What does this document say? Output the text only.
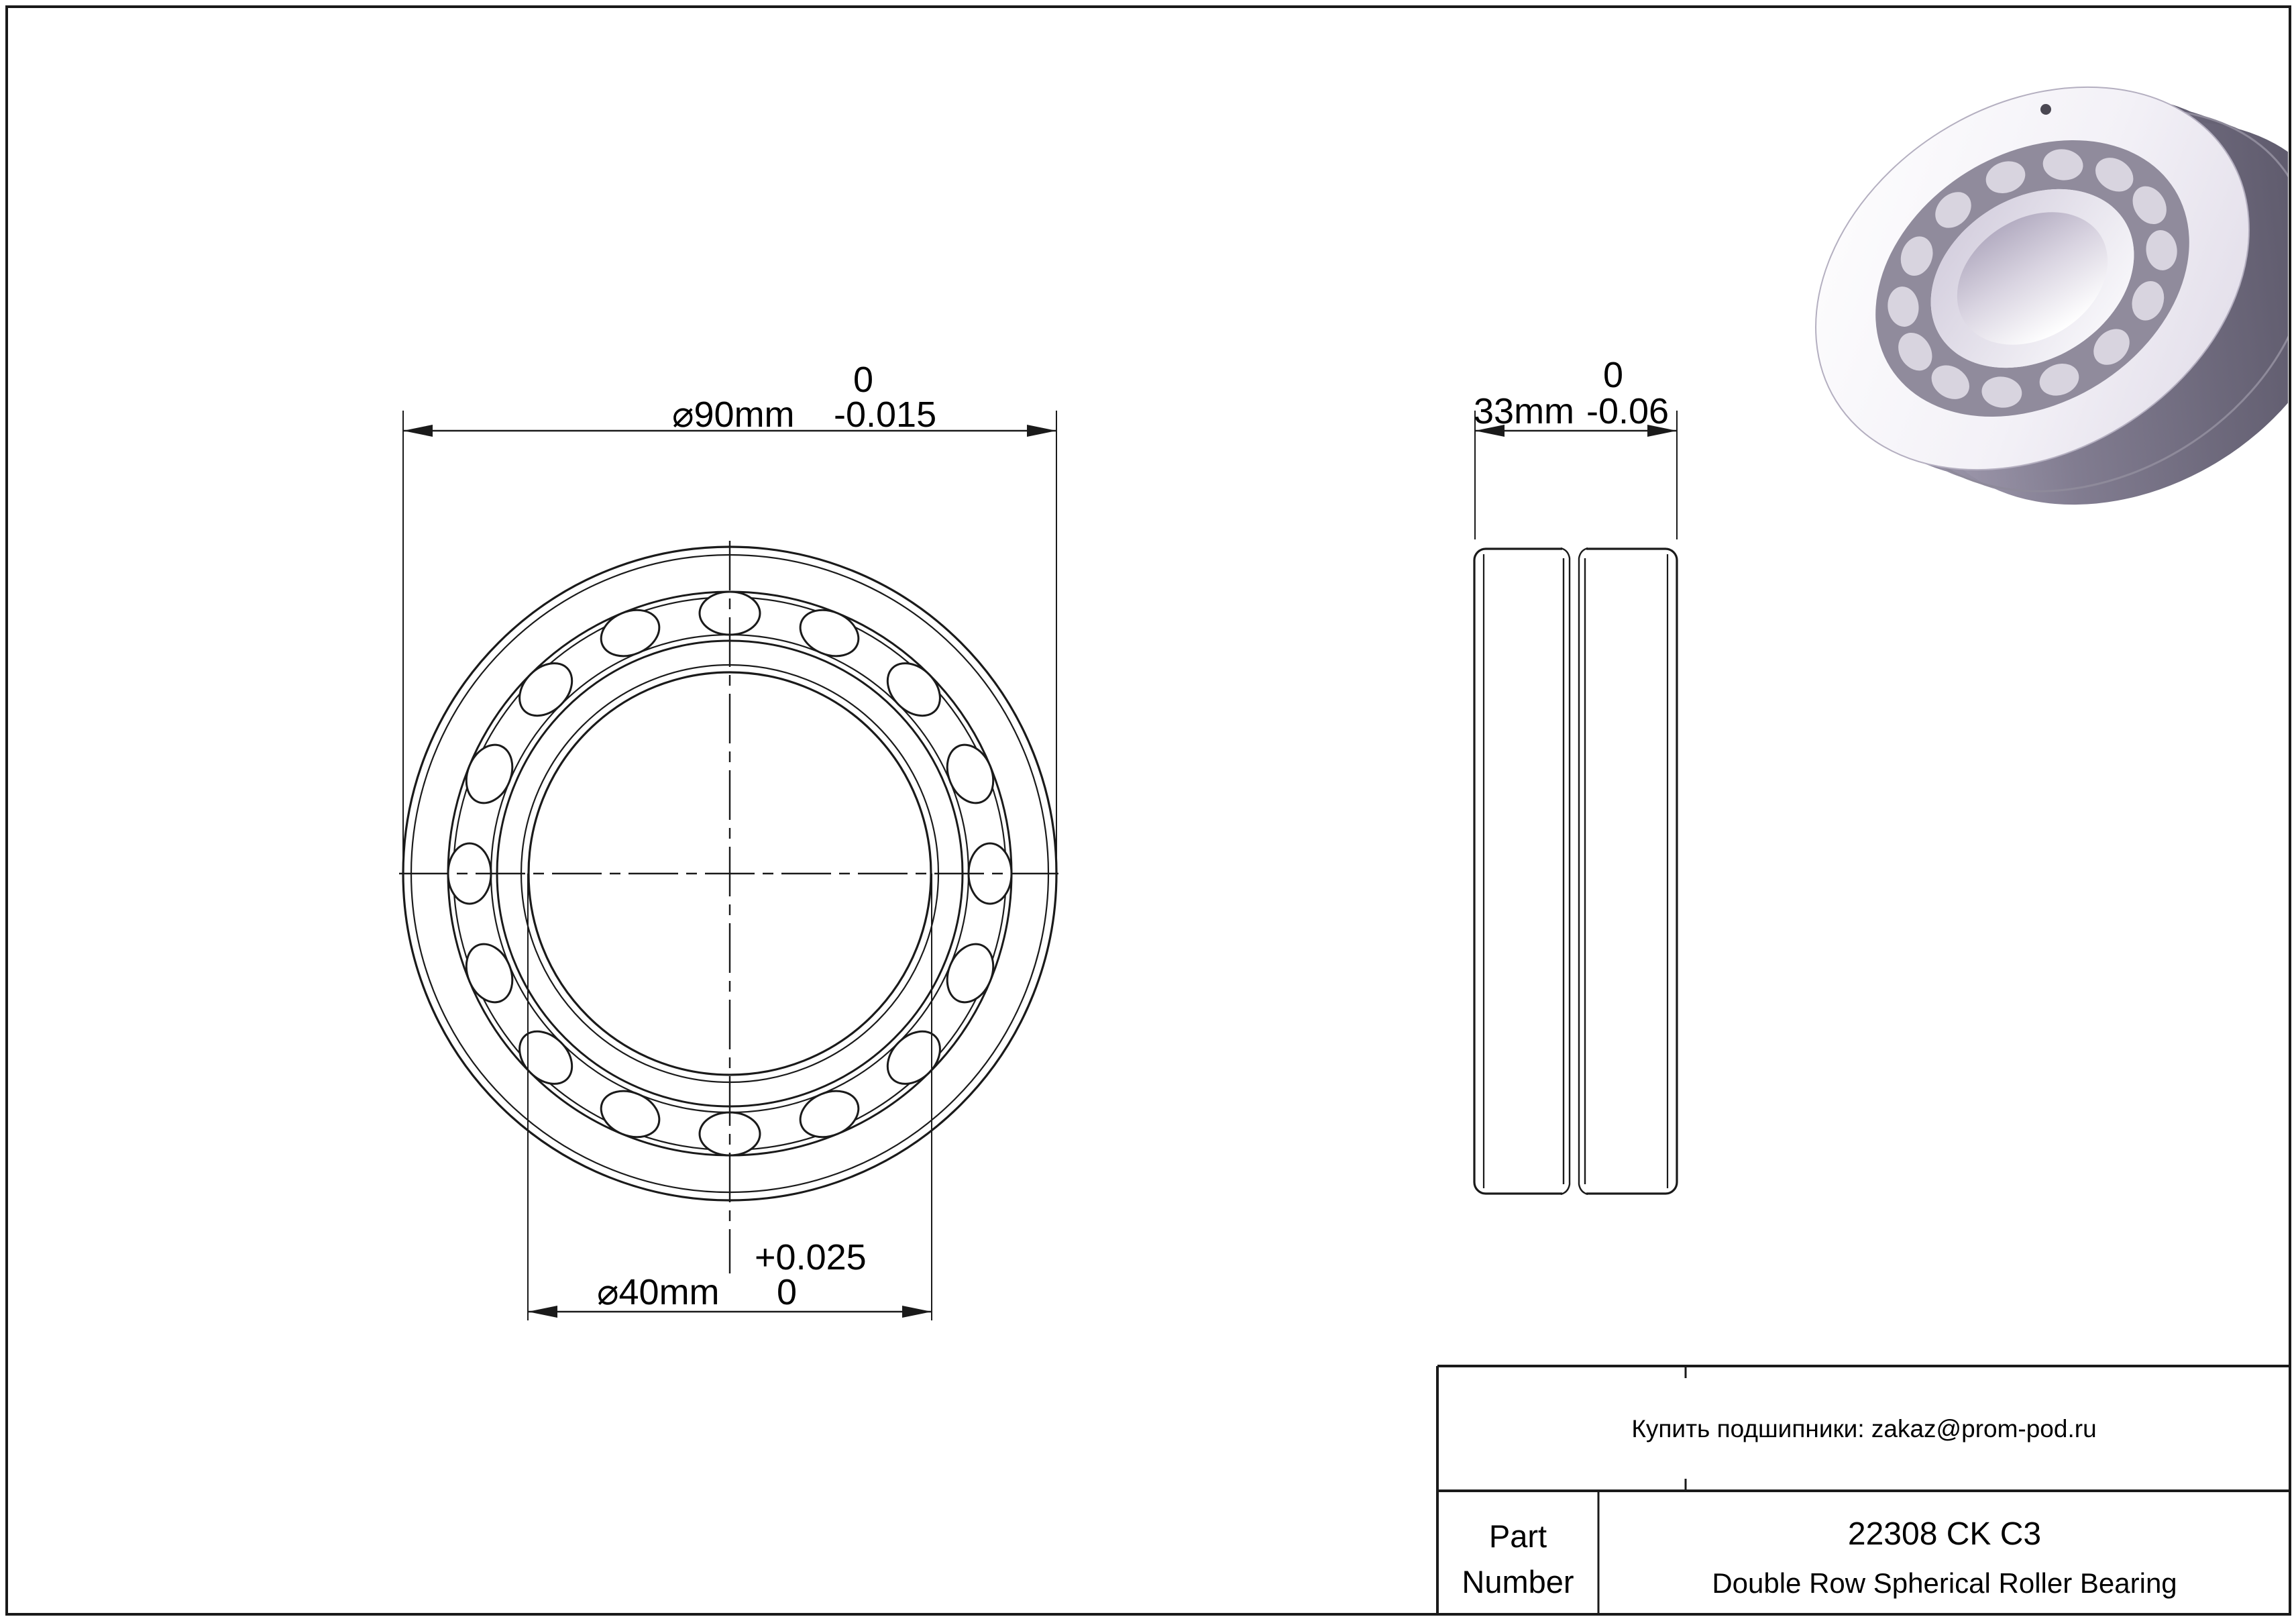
⌀90mm
0
-0.015
⌀40mm
+0.025
0
33mm
0
-0.06
Купить подшипники: zakaz@prom-pod.ru
Part
Number
22308 CK C3
Double Row Spherical Roller Bearing
